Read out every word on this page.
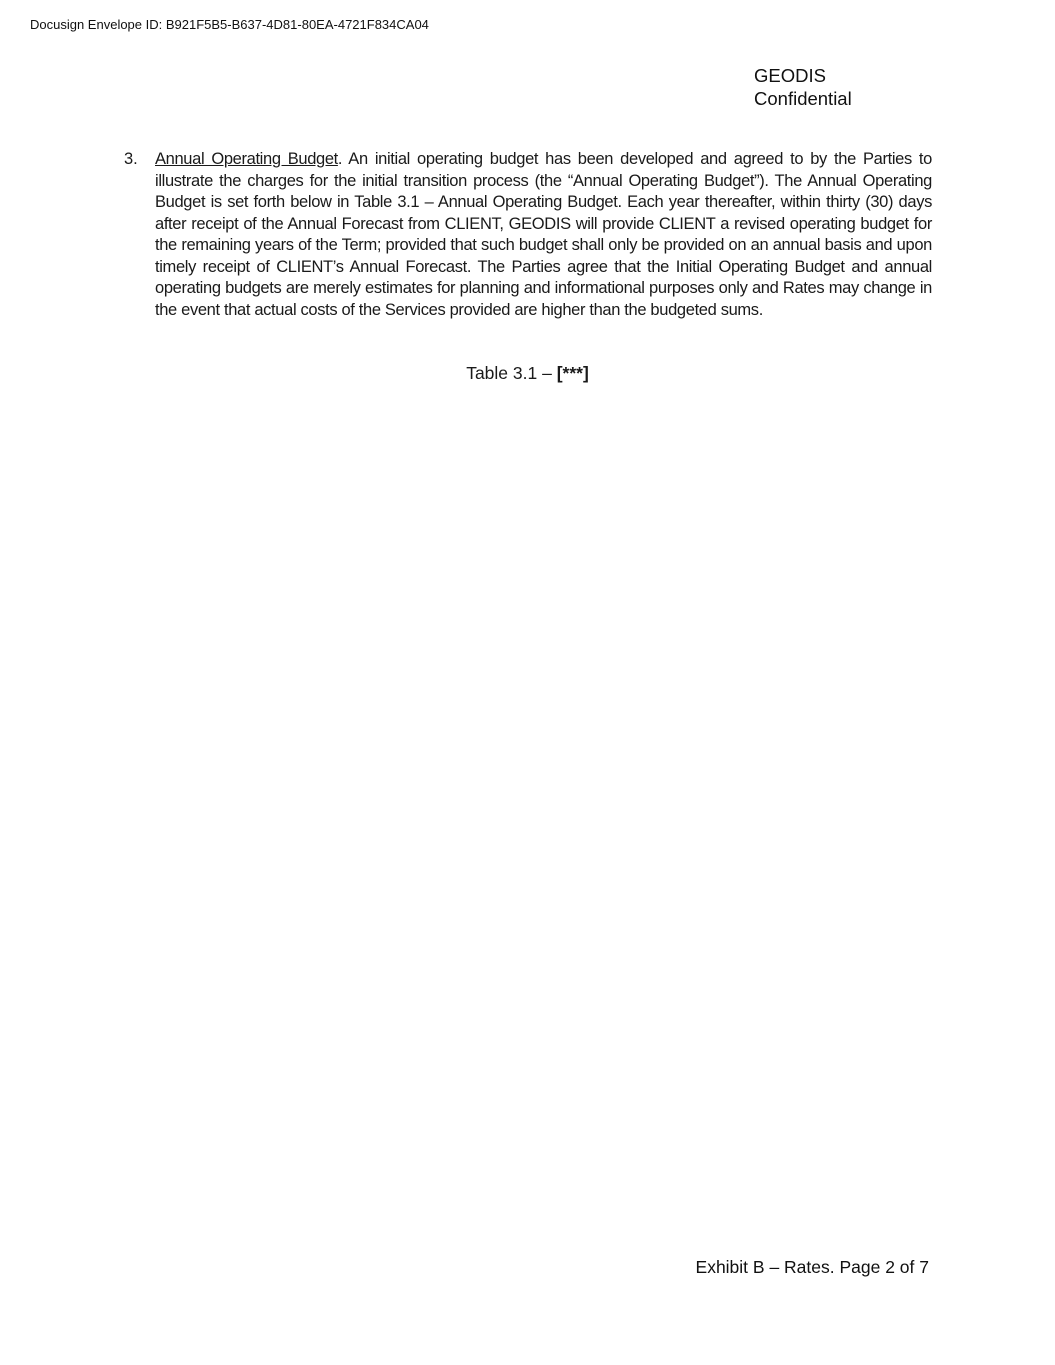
Docusign Envelope ID: B921F5B5-B637-4D81-80EA-4721F834CA04
GEODIS
Confidential
3. Annual Operating Budget. An initial operating budget has been developed and agreed to by the Parties to illustrate the charges for the initial transition process (the “Annual Operating Budget”). The Annual Operating Budget is set forth below in Table 3.1 – Annual Operating Budget. Each year thereafter, within thirty (30) days after receipt of the Annual Forecast from CLIENT, GEODIS will provide CLIENT a revised operating budget for the remaining years of the Term; provided that such budget shall only be provided on an annual basis and upon timely receipt of CLIENT’s Annual Forecast. The Parties agree that the Initial Operating Budget and annual operating budgets are merely estimates for planning and informational purposes only and Rates may change in the event that actual costs of the Services provided are higher than the budgeted sums.
Table 3.1 – [***]
Exhibit B – Rates. Page 2 of 7
